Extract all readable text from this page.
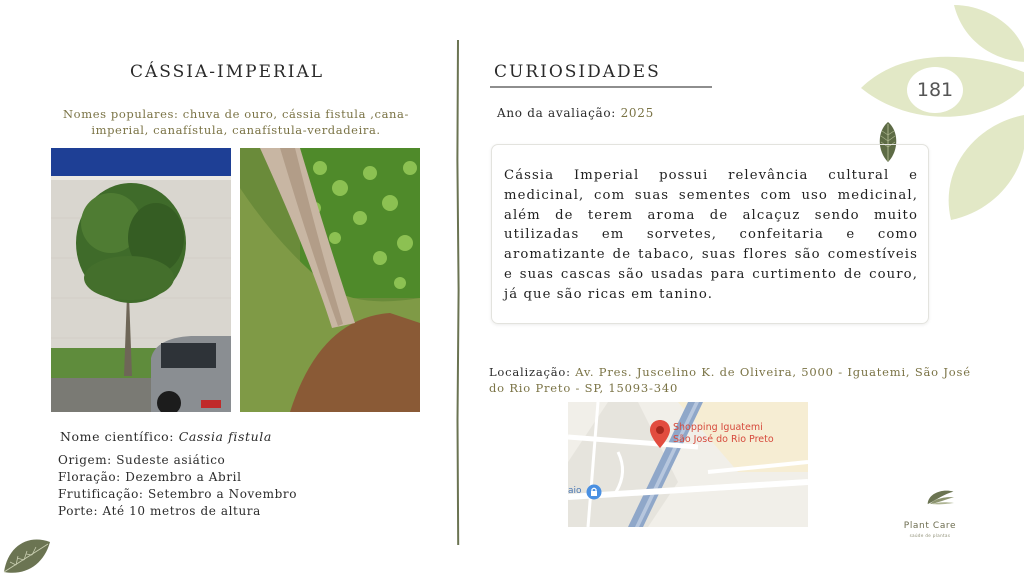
CÁSSIA-IMPERIAL
Nomes populares: chuva de ouro, cássia fistula ,cana-imperial, canafístula, canafístula-verdadeira.
Nome científico: Cassia fistula
Origem: Sudeste asiático
Floração: Dezembro a Abril
Frutificação: Setembro a Novembro
Porte: Até 10 metros de altura
CURIOSIDADES
Ano da avaliação: 2025

Cássia Imperial possui relevância cultural e medicinal, com suas sementes com uso medicinal, além de terem aroma de alcaçuz sendo muito utilizadas em sorvetes, confeitaria e como aromatizante de tabaco, suas flores são comestíveis e suas cascas são usadas para curtimento de couro, já que são ricas em tanino.

Localização: Av. Pres. Juscelino K. de Oliveira, 5000 - Iguatemi, São José do Rio Preto - SP, 15093-340
Shopping Iguatemi
São José do Rio Preto
aio
181
Plant Care
saúde de plantas
